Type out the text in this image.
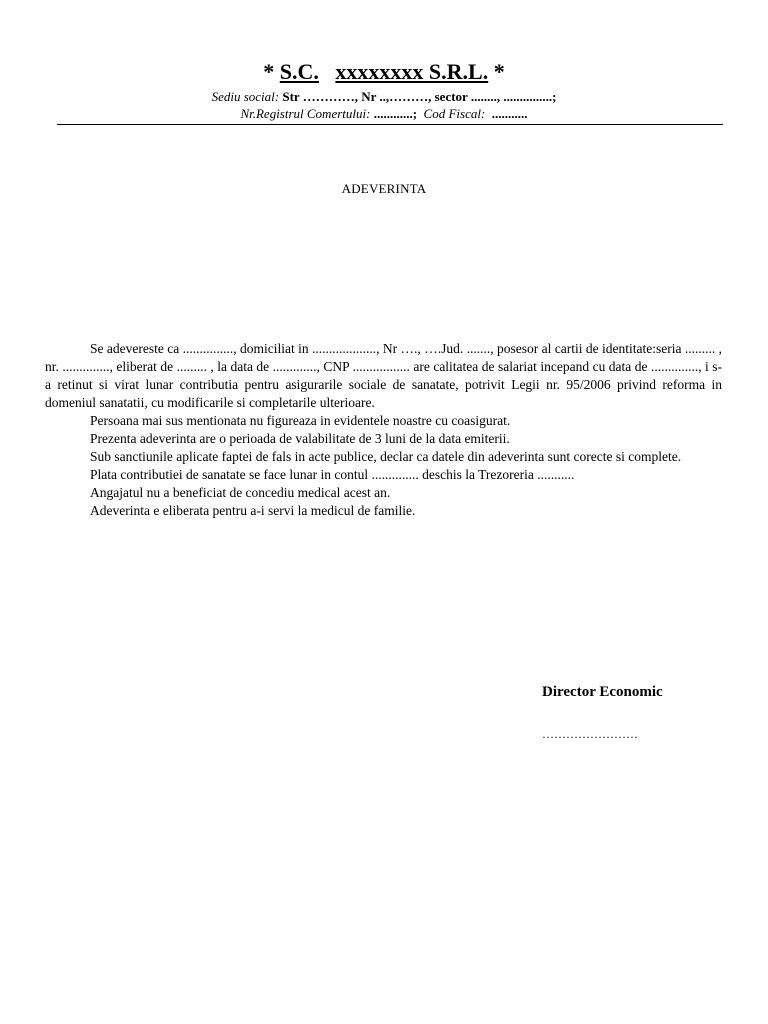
* S.C. xxxxxxxx S.R.L. *
Sediu social: Str …………, Nr ..,………, sector ........, ...............;
Nr.Registrul Comertului: ............; Cod Fiscal:  ...........
ADEVERINTA

Se adevereste ca ..............., domiciliat in ..................., Nr …., ….Jud. ......., posesor al cartii de identitate:seria ......... , nr. .............., eliberat de ......... , la data de ............., CNP ................. are calitatea de salariat incepand cu data de .............., i s-a retinut si virat lunar contributia pentru asigurarile sociale de sanatate, potrivit Legii nr. 95/2006 privind reforma in domeniul sanatatii, cu modificarile si completarile ulterioare.

Persoana mai sus mentionata nu figureaza in evidentele noastre cu coasigurat.

Prezenta adeverinta are o perioada de valabilitate de 3 luni de la data emiterii.

Sub sanctiunile aplicate faptei de fals in acte publice, declar ca datele din adeverinta sunt corecte si complete.

Plata contributiei de sanatate se face lunar in contul .............. deschis la Trezoreria ...........

Angajatul nu a beneficiat de concediu medical acest an.

Adeverinta e eliberata pentru a-i servi la medicul de familie.

Director Economic
……………………
